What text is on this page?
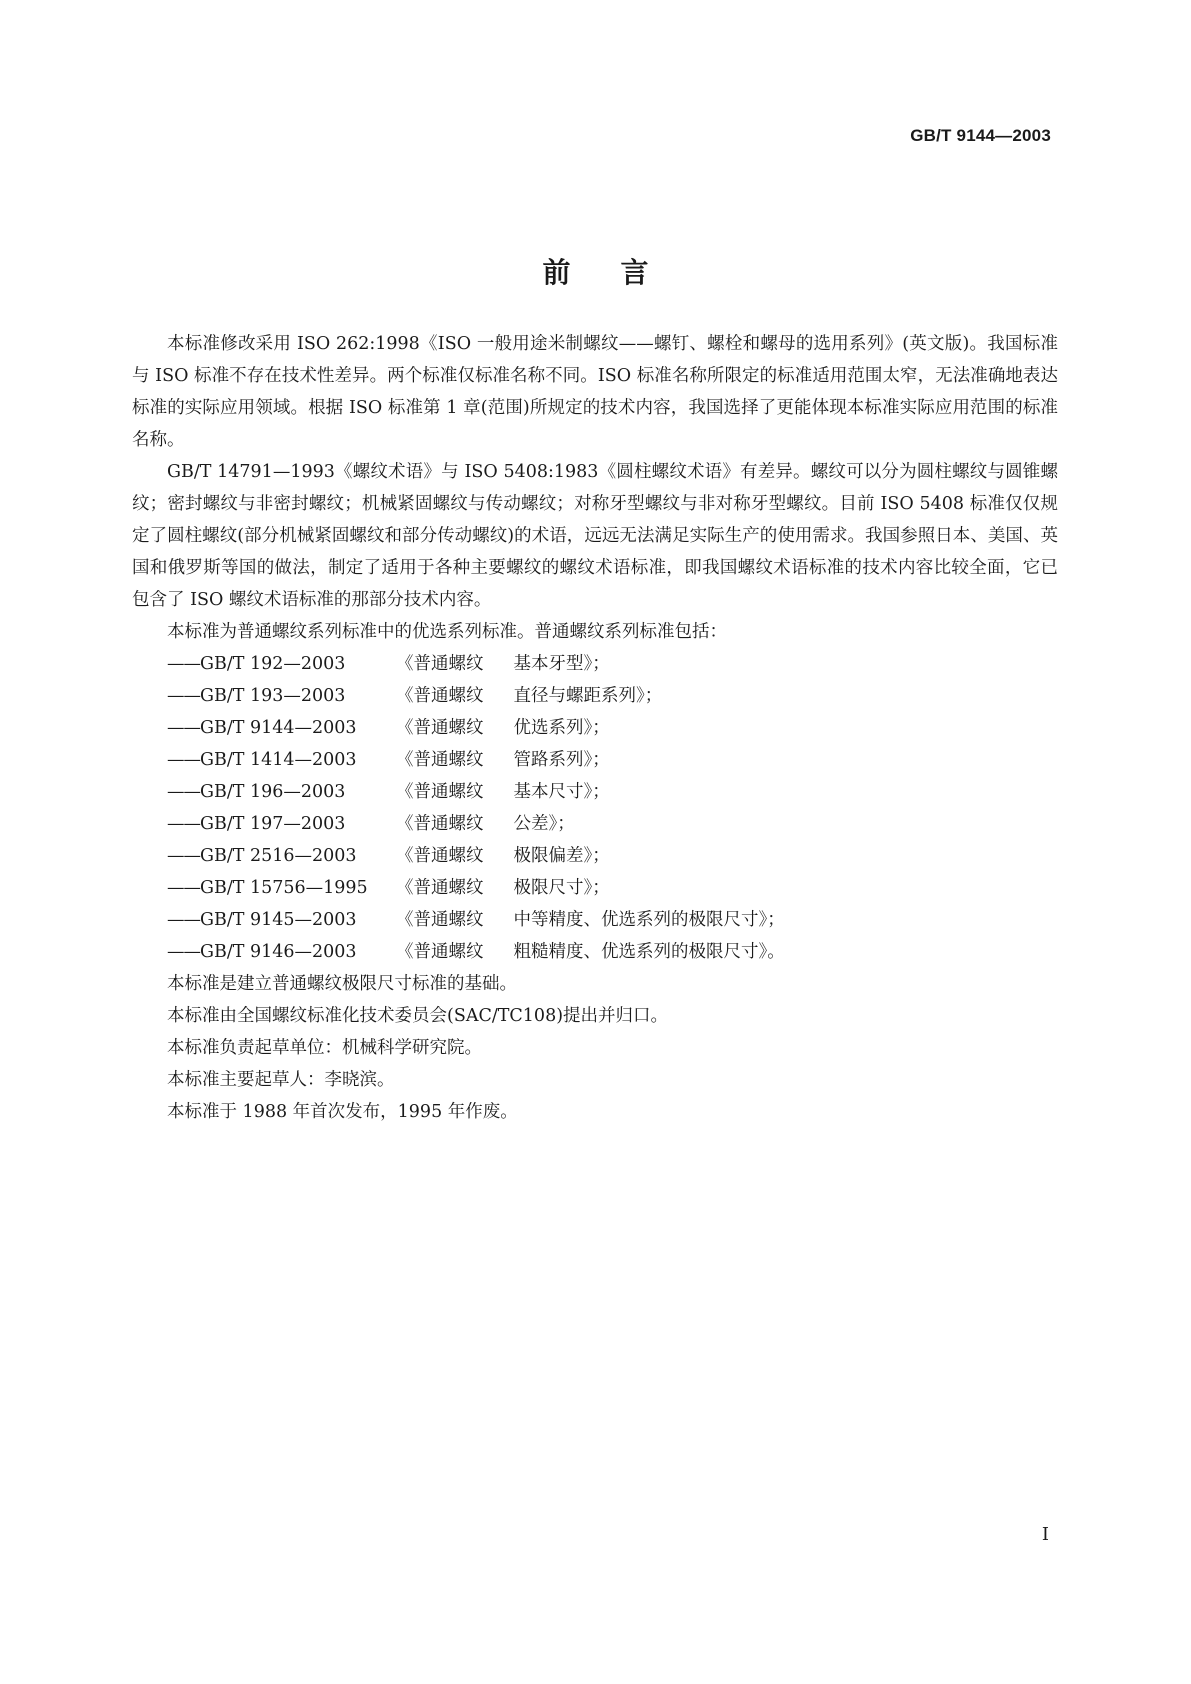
GB/T 9144—2003
前言

本标准修改采用 ISO 262:1998《ISO 一般用途米制螺纹——螺钉、螺栓和螺母的选用系列》(英文版)。我国标准与 ISO 标准不存在技术性差异。两个标准仅标准名称不同。ISO 标准名称所限定的标准适用范围太窄，无法准确地表达标准的实际应用领域。根据 ISO 标准第 1 章(范围)所规定的技术内容，我国选择了更能体现本标准实际应用范围的标准名称。

GB/T 14791—1993《螺纹术语》与 ISO 5408:1983《圆柱螺纹术语》有差异。螺纹可以分为圆柱螺纹与圆锥螺纹；密封螺纹与非密封螺纹；机械紧固螺纹与传动螺纹；对称牙型螺纹与非对称牙型螺纹。目前 ISO 5408 标准仅仅规定了圆柱螺纹(部分机械紧固螺纹和部分传动螺纹)的术语，远远无法满足实际生产的使用需求。我国参照日本、美国、英国和俄罗斯等国的做法，制定了适用于各种主要螺纹的螺纹术语标准，即我国螺纹术语标准的技术内容比较全面，它已包含了 ISO 螺纹术语标准的那部分技术内容。

本标准为普通螺纹系列标准中的优选系列标准。普通螺纹系列标准包括：

——GB/T 192—2003	《普通螺纹 基本牙型》；
——GB/T 193—2003	《普通螺纹 直径与螺距系列》；
——GB/T 9144—2003 《普通螺纹 优选系列》；
——GB/T 1414—2003 《普通螺纹 管路系列》；
——GB/T 196—2003	《普通螺纹 基本尺寸》；
——GB/T 197—2003	《普通螺纹 公差》；
——GB/T 2516—2003 《普通螺纹 极限偏差》；
——GB/T 15756—1995 《普通螺纹 极限尺寸》；
——GB/T 9145—2003 《普通螺纹 中等精度、优选系列的极限尺寸》；
——GB/T 9146—2003 《普通螺纹 粗糙精度、优选系列的极限尺寸》。

本标准是建立普通螺纹极限尺寸标准的基础。

本标准由全国螺纹标准化技术委员会(SAC/TC108)提出并归口。

本标准负责起草单位：机械科学研究院。

本标准主要起草人：李晓滨。

本标准于 1988 年首次发布，1995 年作废。

I
